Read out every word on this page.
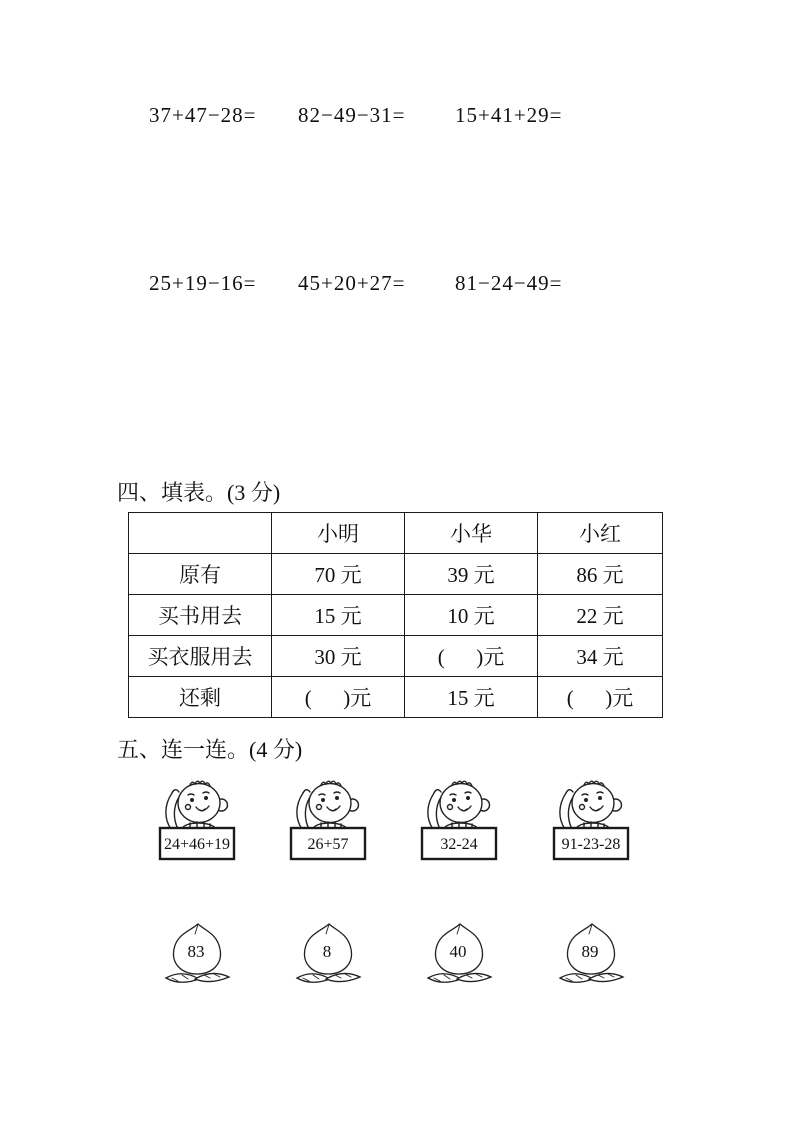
37+47−28= 82−49−31= 15+41+29=
25+19−16= 45+20+27= 81−24−49=
四、填表。(3 分)
	小明	小华	小红
原有	70 元	39 元	86 元
买书用去	15 元	10 元	22 元
买衣服用去	30 元	(      )元	34 元
还剩	(      )元	15 元	(      )元
五、连一连。(4 分)
24+46+19	26+57	32-24	91-23-28
83	8	40	89
